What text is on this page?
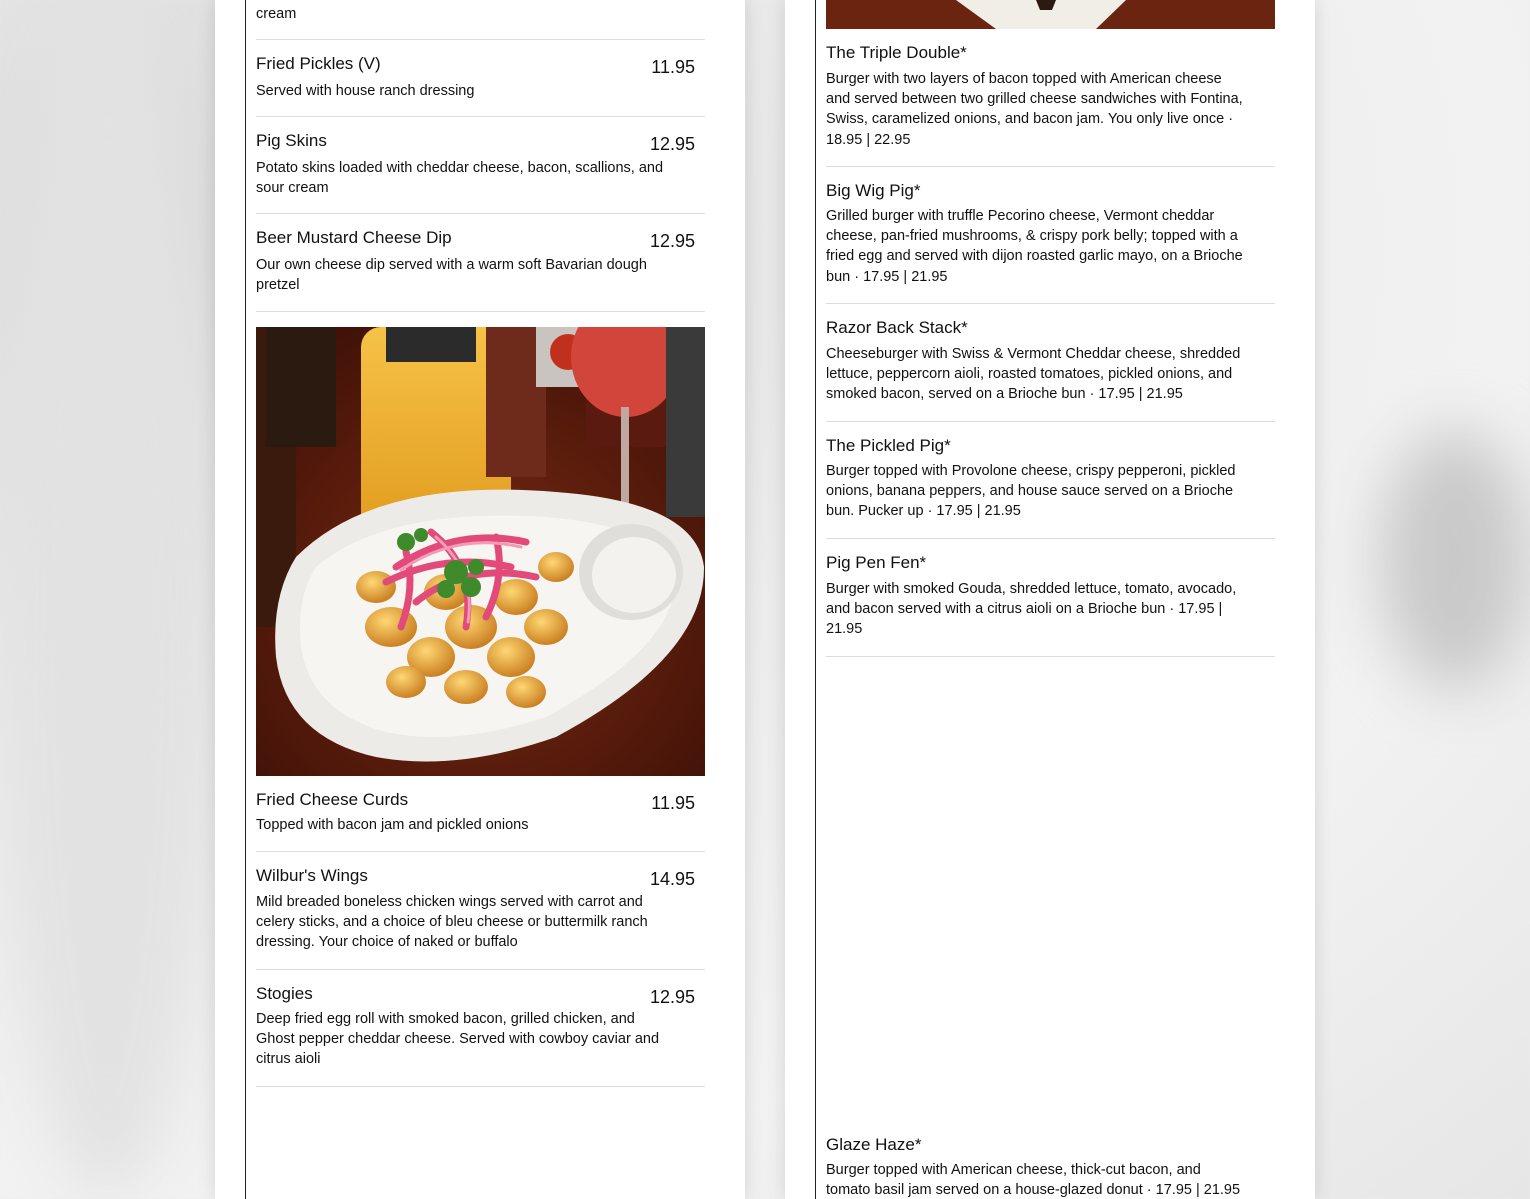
cream
Fried Pickles (V)	11.95
Served with house ranch dressing
Pig Skins	12.95
Potato skins loaded with cheddar cheese, bacon, scallions, and sour cream
Beer Mustard Cheese Dip	12.95
Our own cheese dip served with a warm soft Bavarian dough pretzel
Fried Cheese Curds	11.95
Topped with bacon jam and pickled onions
Wilbur's Wings	14.95
Mild breaded boneless chicken wings served with carrot and celery sticks, and a choice of bleu cheese or buttermilk ranch dressing. Your choice of naked or buffalo
Stogies	12.95
Deep fried egg roll with smoked bacon, grilled chicken, and Ghost pepper cheddar cheese. Served with cowboy caviar and citrus aioli
The Triple Double*
Burger with two layers of bacon topped with American cheese and served between two grilled cheese sandwiches with Fontina, Swiss, caramelized onions, and bacon jam. You only live once · 18.95 | 22.95
Big Wig Pig*
Grilled burger with truffle Pecorino cheese, Vermont cheddar cheese, pan-fried mushrooms, & crispy pork belly; topped with a fried egg and served with dijon roasted garlic mayo, on a Brioche bun · 17.95 | 21.95
Razor Back Stack*
Cheeseburger with Swiss & Vermont Cheddar cheese, shredded lettuce, peppercorn aioli, roasted tomatoes, pickled onions, and smoked bacon, served on a Brioche bun · 17.95 | 21.95
The Pickled Pig*
Burger topped with Provolone cheese, crispy pepperoni, pickled onions, banana peppers, and house sauce served on a Brioche bun. Pucker up · 17.95 | 21.95
Pig Pen Fen*
Burger with smoked Gouda, shredded lettuce, tomato, avocado, and bacon served with a citrus aioli on a Brioche bun · 17.95 | 21.95
Glaze Haze*
Burger topped with American cheese, thick-cut bacon, and tomato basil jam served on a house-glazed donut · 17.95 | 21.95
